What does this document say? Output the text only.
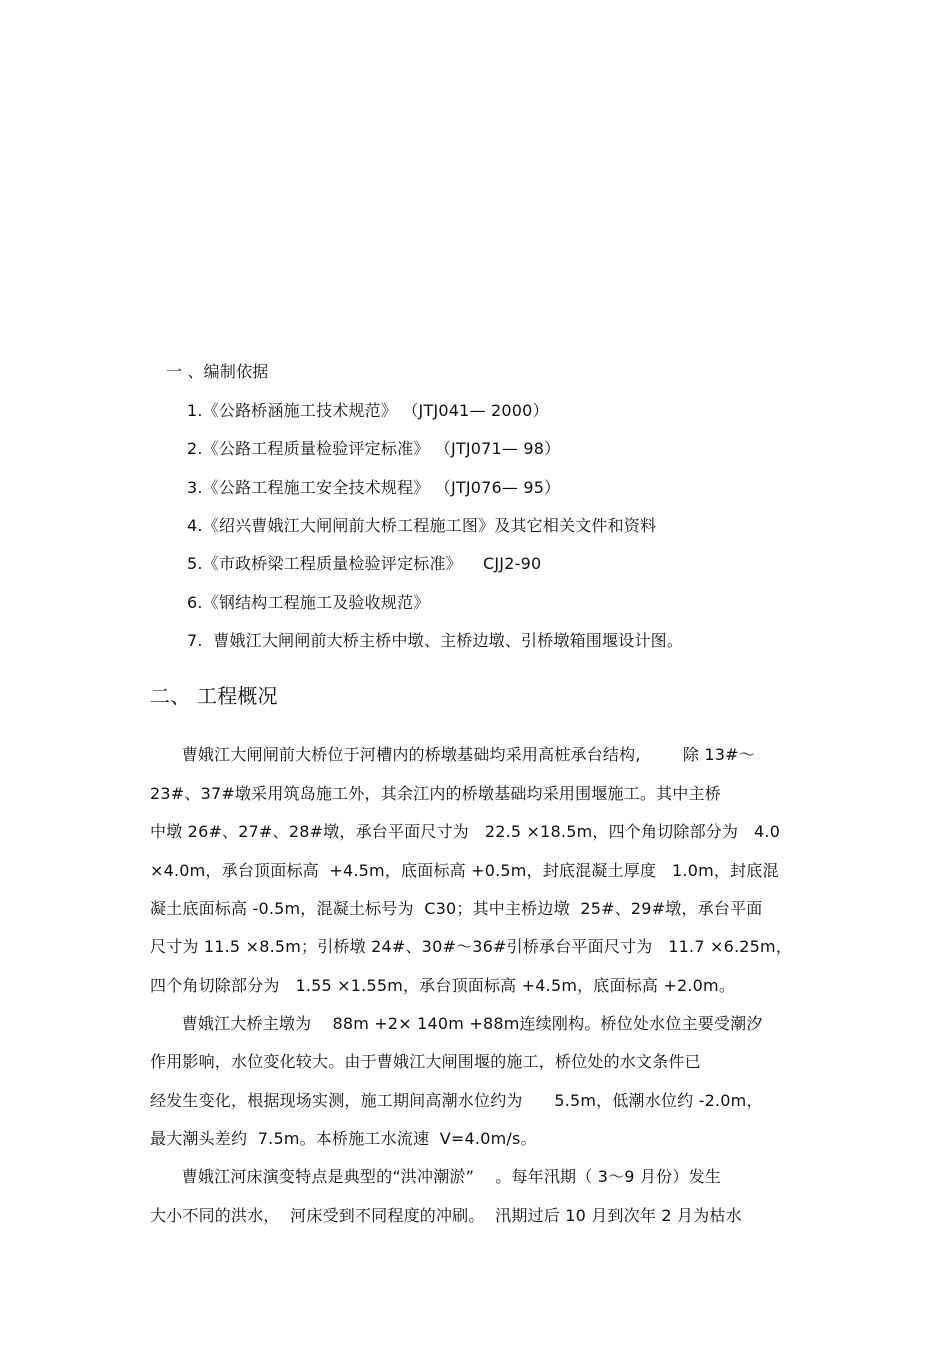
一 、编制依据
1.《公路桥涵施工技术规范》 （JTJ041— 2000）
2.《公路工程质量检验评定标准》 （JTJ071— 98）
3.《公路工程施工安全技术规程》 （JTJ076— 95）
4.《绍兴曹娥江大闸闸前大桥工程施工图》及其它相关文件和资料
5.《市政桥梁工程质量检验评定标准》    CJJ2-90
6.《钢结构工程施工及验收规范》
7.  曹娥江大闸闸前大桥主桥中墩、主桥边墩、引桥墩箱围堰设计图。
二、 工程概况
曹娥江大闸闸前大桥位于河槽内的桥墩基础均采用高桩承台结构,        除 13#～
23#、37#墩采用筑岛施工外，其余江内的桥墩基础均采用围堰施工。其中主桥
中墩 26#、27#、28#墩，承台平面尺寸为   22.5 ×18.5m，四个角切除部分为   4.0
×4.0m，承台顶面标高  +4.5m，底面标高 +0.5m，封底混凝土厚度   1.0m，封底混
凝土底面标高 -0.5m，混凝土标号为  C30；其中主桥边墩  25#、29#墩，承台平面
尺寸为 11.5 ×8.5m；引桥墩 24#、30#～36#引桥承台平面尺寸为   11.7 ×6.25m，
四个角切除部分为   1.55 ×1.55m，承台顶面标高 +4.5m，底面标高 +2.0m。
曹娥江大桥主墩为    88m +2× 140m +88m连续刚构。桥位处水位主要受潮汐
作用影响，水位变化较大。由于曹娥江大闸围堰的施工，桥位处的水文条件已
经发生变化，根据现场实测，施工期间高潮水位约为      5.5m，低潮水位约 -2.0m，
最大潮头差约  7.5m。本桥施工水流速  V=4.0m/s。
曹娥江河床演变特点是典型的“洪冲潮淤”    。每年汛期（ 3～9 月份）发生
大小不同的洪水，  河床受到不同程度的冲刷。  汛期过后 10 月到次年 2 月为枯水
